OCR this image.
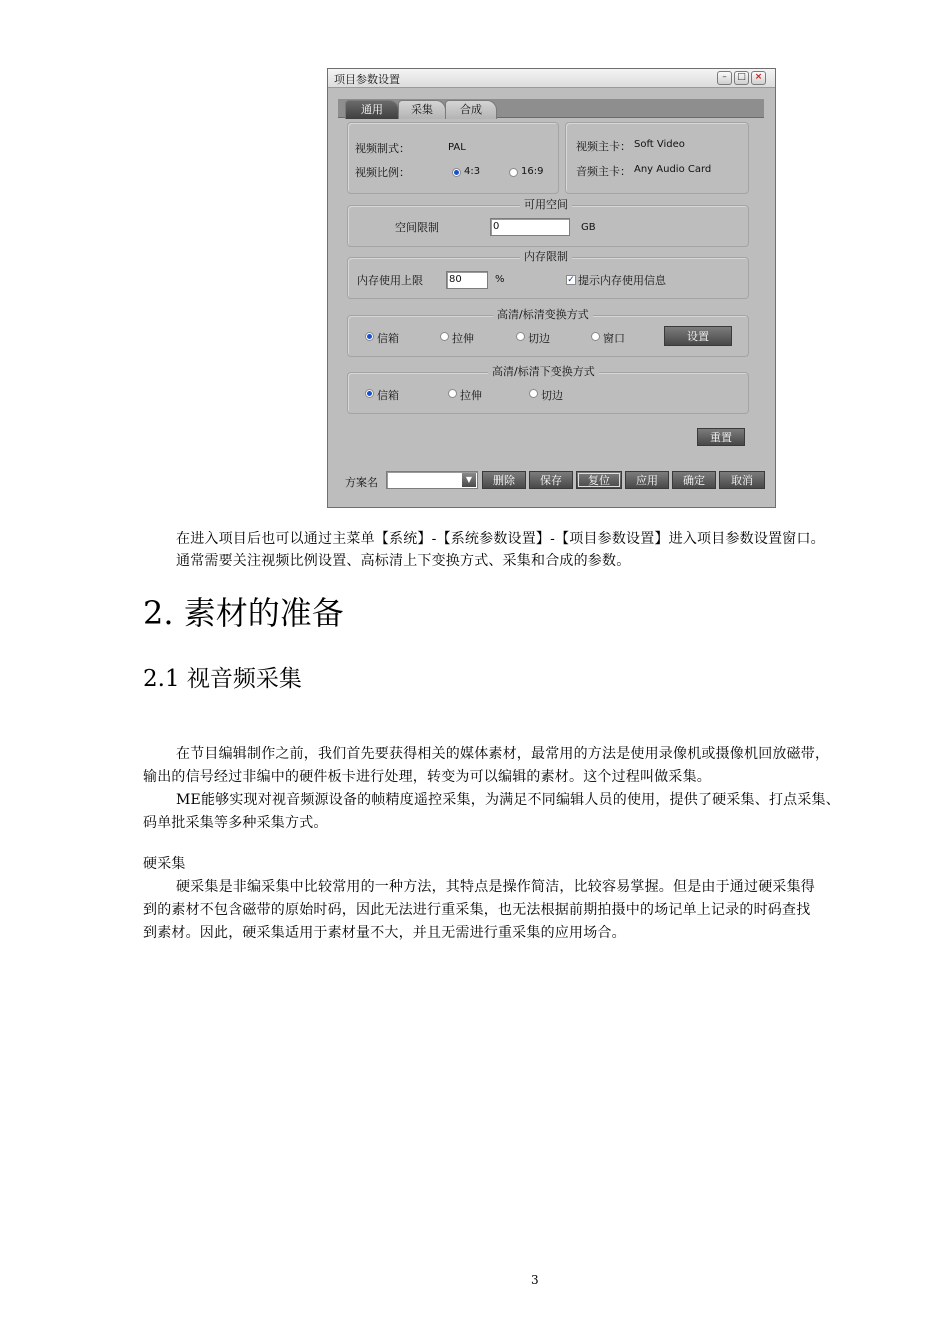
项目参数设置	–	□ ×
通用	采集	合成
视频制式：	PAL
视频比例：	4:3	16:9
视频主卡： Soft Video
音频主卡： Any Audio Card
可用空间
空间限制	0	GB
内存限制
内存使用上限	80	%	✓ 提示内存使用信息
高清/标清变换方式
信箱	拉伸	切边	窗口	设置
高清/标清下变换方式
信箱	拉伸	切边
重置
方案名	▼	删除	保存	复位	应用	确定	取消
在进入项目后也可以通过主菜单【系统】-【系统参数设置】-【项目参数设置】进入项目参数设置窗口。
通常需要关注视频比例设置、高标清上下变换方式、采集和合成的参数。
2. 素材的准备
2.1 视音频采集
在节目编辑制作之前，我们首先要获得相关的媒体素材，最常用的方法是使用录像机或摄像机回放磁带，
输出的信号经过非编中的硬件板卡进行处理，转变为可以编辑的素材。这个过程叫做采集。
ME能够实现对视音频源设备的帧精度遥控采集，为满足不同编辑人员的使用，提供了硬采集、打点采集、
码单批采集等多种采集方式。
硬采集
硬采集是非编采集中比较常用的一种方法，其特点是操作简洁，比较容易掌握。但是由于通过硬采集得
到的素材不包含磁带的原始时码，因此无法进行重采集，也无法根据前期拍摄中的场记单上记录的时码查找
到素材。因此，硬采集适用于素材量不大，并且无需进行重采集的应用场合。
3
